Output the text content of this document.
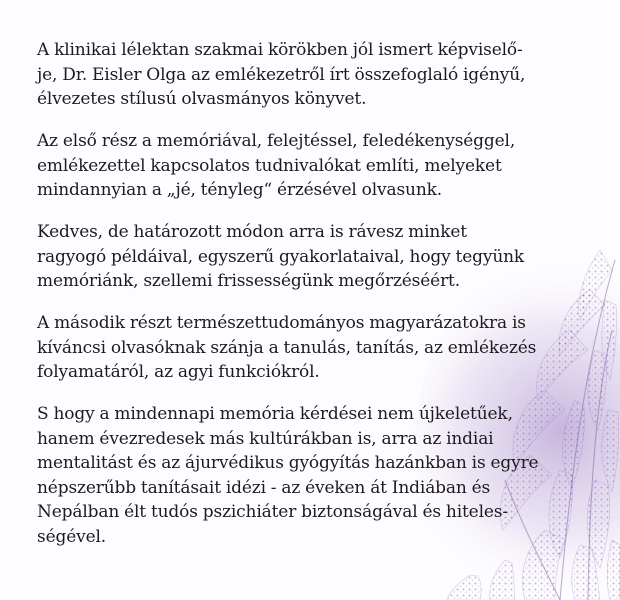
A klinikai lélektan szakmai körökben jól ismert képviselő-
je, Dr. Eisler Olga az emlékezetről írt összefoglaló igényű,
élvezetes stílusú olvasmányos könyvet.

Az első rész a memóriával, felejtéssel, feledékenységgel,
emlékezettel kapcsolatos tudnivalókat említi, melyeket
mindannyian a „jé, tényleg“ érzésével olvasunk.

Kedves, de határozott módon arra is rávesz minket
ragyogó példáival, egyszerű gyakorlataival, hogy tegyünk
memóriánk, szellemi frissességünk megőrzéséért.

A második részt természettudományos magyarázatokra is
kíváncsi olvasóknak szánja a tanulás, tanítás, az emlékezés
folyamatáról, az agyi funkciókról.

S hogy a mindennapi memória kérdései nem újkeletűek,
hanem évezredesek más kultúrákban is, arra az indiai
mentalitást és az ájurvédikus gyógyítás hazánkban is egyre
népszerűbb tanításait idézi - az éveken át Indiában és
Nepálban élt tudós pszichiáter biztonságával és hiteles-
ségével.
